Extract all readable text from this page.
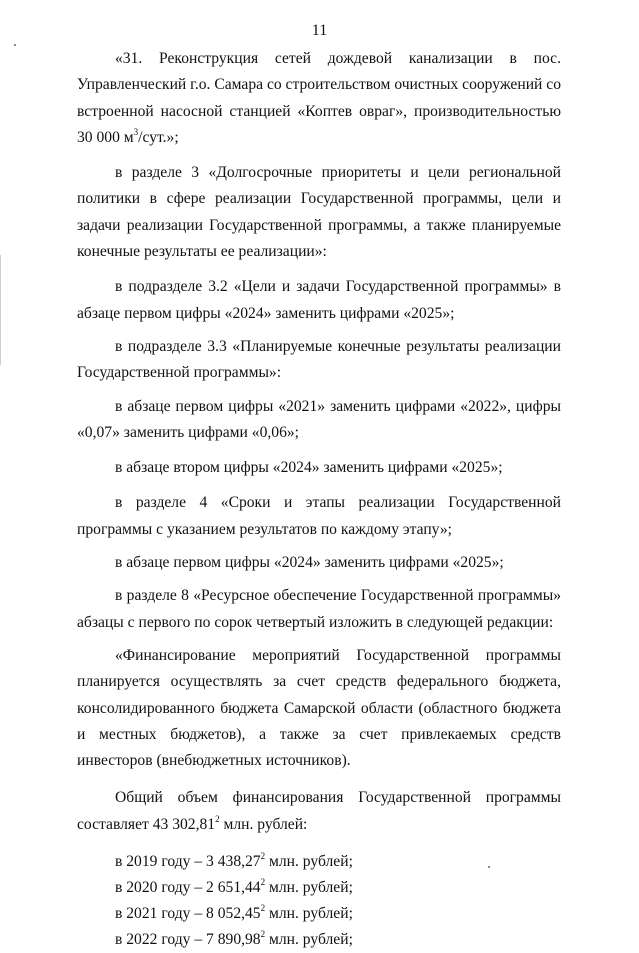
11

«31. Реконструкция сетей дождевой канализации в пос. Управленческий г.о. Самара со строительством очистных сооружений со встроенной насосной станцией «Коптев овраг», производительностью 30 000 $м^3$/сут.»;

в разделе 3 «Долгосрочные приоритеты и цели региональной политики в сфере реализации Государственной программы, цели и задачи реализации Государственной программы, а также планируемые конечные результаты ее реализации»:

в подразделе 3.2 «Цели и задачи Государственной программы» в абзаце первом цифры «2024» заменить цифрами «2025»;

в подразделе 3.3 «Планируемые конечные результаты реализации Государственной программы»:

в абзаце первом цифры «2021» заменить цифрами «2022», цифры «0,07» заменить цифрами «0,06»;

в абзаце втором цифры «2024» заменить цифрами «2025»;

в разделе 4 «Сроки и этапы реализации Государственной программы с указанием результатов по каждому этапу»;

в абзаце первом цифры «2024» заменить цифрами «2025»;

в разделе 8 «Ресурсное обеспечение Государственной программы» абзацы с первого по сорок четвертый изложить в следующей редакции:

«Финансирование мероприятий Государственной программы планируется осуществлять за счет средств федерального бюджета, консолидированного бюджета Самарской области (областного бюджета и местных бюджетов), а также за счет привлекаемых средств инвесторов (внебюджетных источников).

Общий объем финансирования Государственной программы составляет 43 302,81$^2$ млн. рублей:

в 2019 году – 3 438,27$^2$ млн. рублей;

в 2020 году – 2 651,44$^2$ млн. рублей;

в 2021 году – 8 052,45$^2$ млн. рублей;

в 2022 году – 7 890,98$^2$ млн. рублей;
